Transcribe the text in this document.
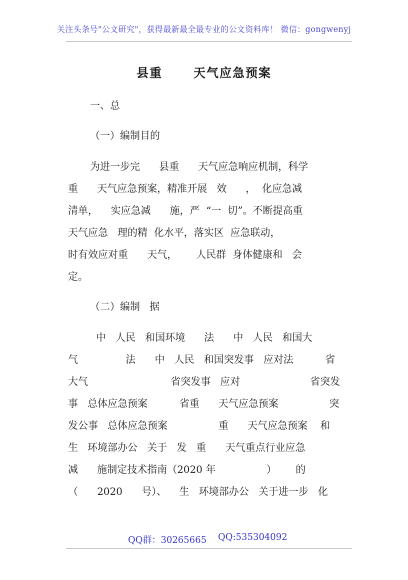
关注头条号"公文研究"，获得最新最全最专业的公文资料库！ 微信：gongwenyj
县重      天气应急预案
一、总
（一）编制目的
为进一步完      县重      天气应急响应机制，科学
重      天气应急预案，精准开展   效      ，  化应急减
清单，    实应急减      施，严  “一  切”。不断提高重
天气应急   理的精  化水平，落实区  应急联动，
时有效应对重      天气，      人民群  身体健康和   会
定。
（二）编制   据
中   人民   和国环境      法      中   人民   和国大
气               法      中   人民   和国突发事   应对法          省
大气                          省突发事   应对                      省突发
事   总体应急预案          省重      天气应急预案                突
发公事   总体应急预案                重      天气应急预案    和
生   环境部办公   关于   发   重      天气重点行业应急
减      施制定技术指南（2020 年                ）      的
（      2020      号）、    生   环境部办公   关于进一步   化
QQ群：30265665 QQ:535304092
